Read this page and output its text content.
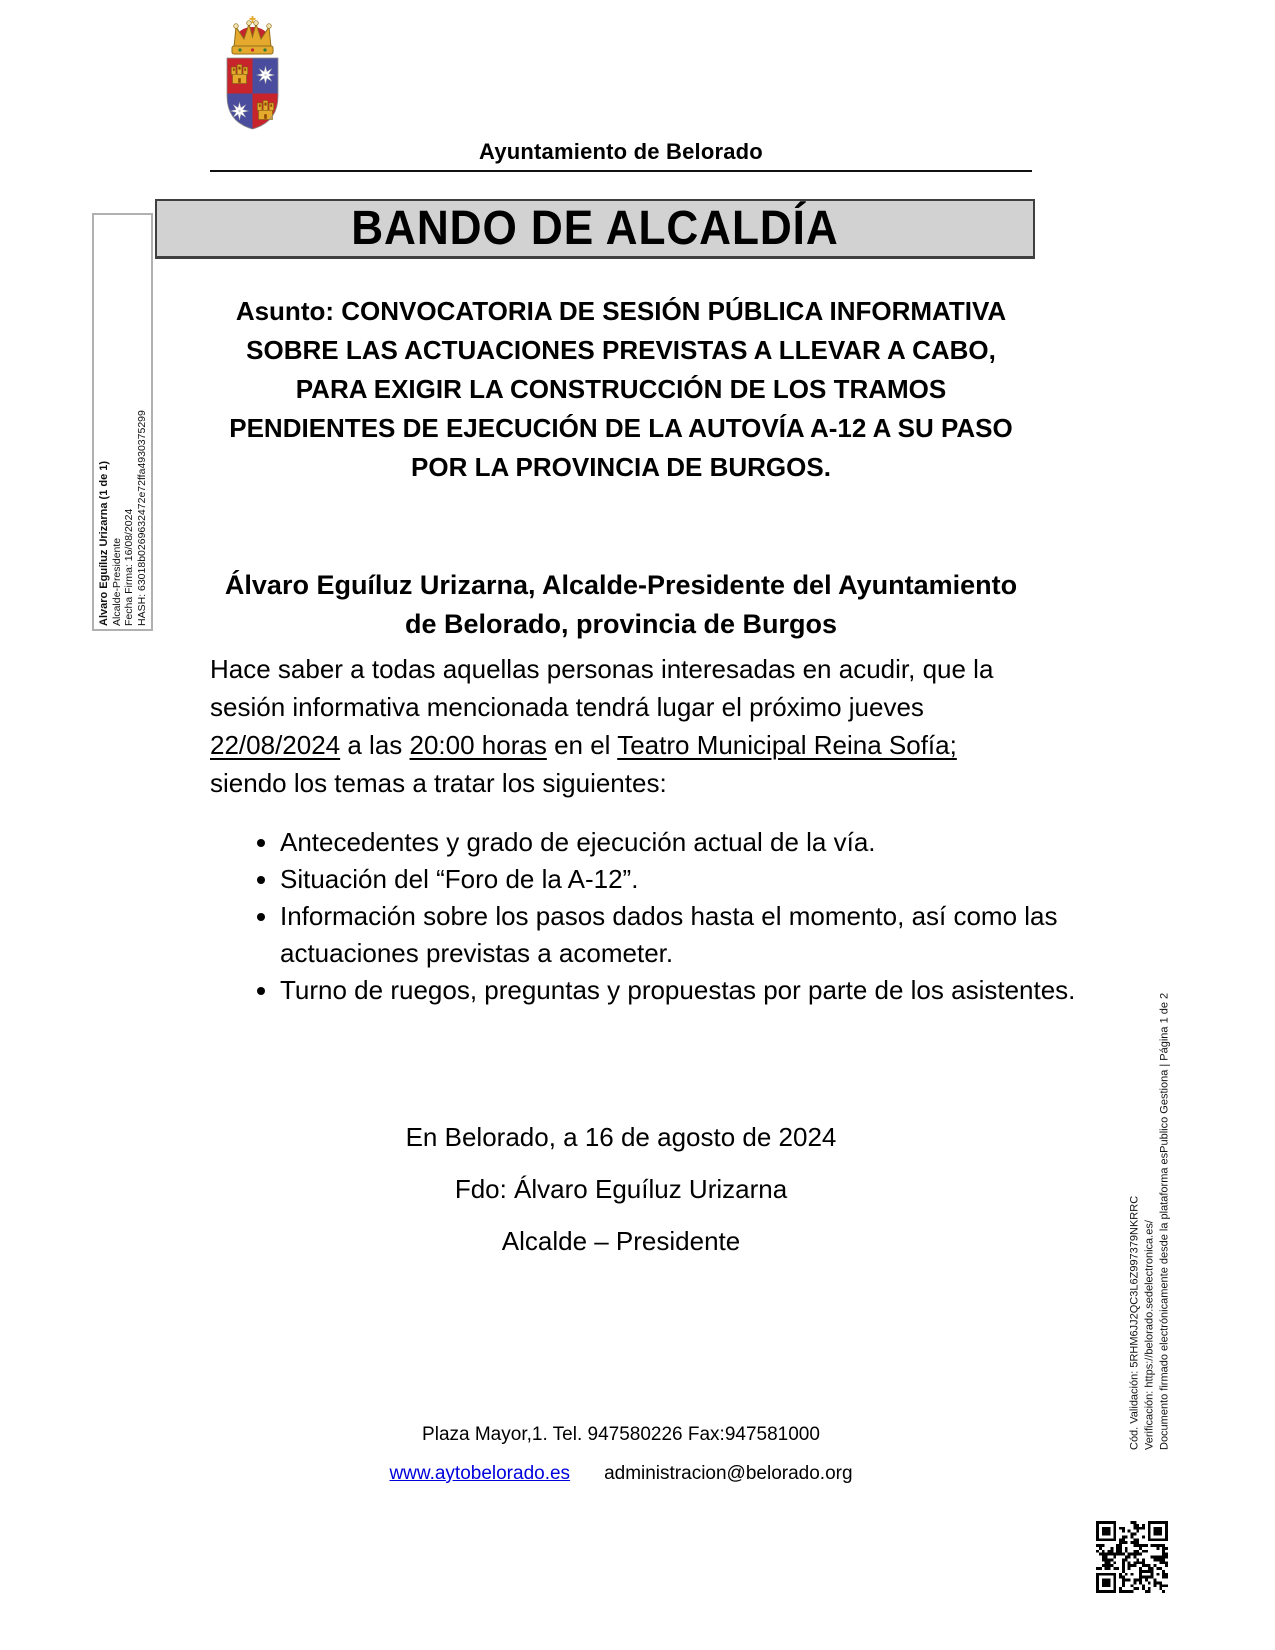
Ayuntamiento de Belorado
BANDO DE ALCALDÍA
Alvaro Eguíluz Urizarna (1 de 1) Alcalde-Presidente Fecha Firma: 16/08/2024 HASH: 63018b0269632472e72ffa4930375299
Asunto: CONVOCATORIA DE SESIÓN PÚBLICA INFORMATIVA SOBRE LAS ACTUACIONES PREVISTAS A LLEVAR A CABO, PARA EXIGIR LA CONSTRUCCIÓN DE LOS TRAMOS PENDIENTES DE EJECUCIÓN DE LA AUTOVÍA A-12 A SU PASO POR LA PROVINCIA DE BURGOS.
Álvaro Eguíluz Urizarna, Alcalde-Presidente del Ayuntamiento de Belorado, provincia de Burgos
Hace saber a todas aquellas personas interesadas en acudir, que la sesión informativa mencionada tendrá lugar el próximo jueves 22/08/2024 a las 20:00 horas en el Teatro Municipal Reina Sofía; siendo los temas a tratar los siguientes:
• Antecedentes y grado de ejecución actual de la vía.
• Situación del “Foro de la A-12”.
• Información sobre los pasos dados hasta el momento, así como las actuaciones previstas a acometer.
• Turno de ruegos, preguntas y propuestas por parte de los asistentes.
En Belorado, a 16 de agosto de 2024
Fdo: Álvaro Eguíluz Urizarna
Alcalde – Presidente
Plaza Mayor,1. Tel. 947580226 Fax:947581000
www.aytobelorado.es administracion@belorado.org
Cód. Validación: 5RHM6JJ2QC3L6Z997379NKRRC Verificación: https://belorado.sedelectronica.es/ Documento firmado electrónicamente desde la plataforma esPublico Gestiona | Página 1 de 2
